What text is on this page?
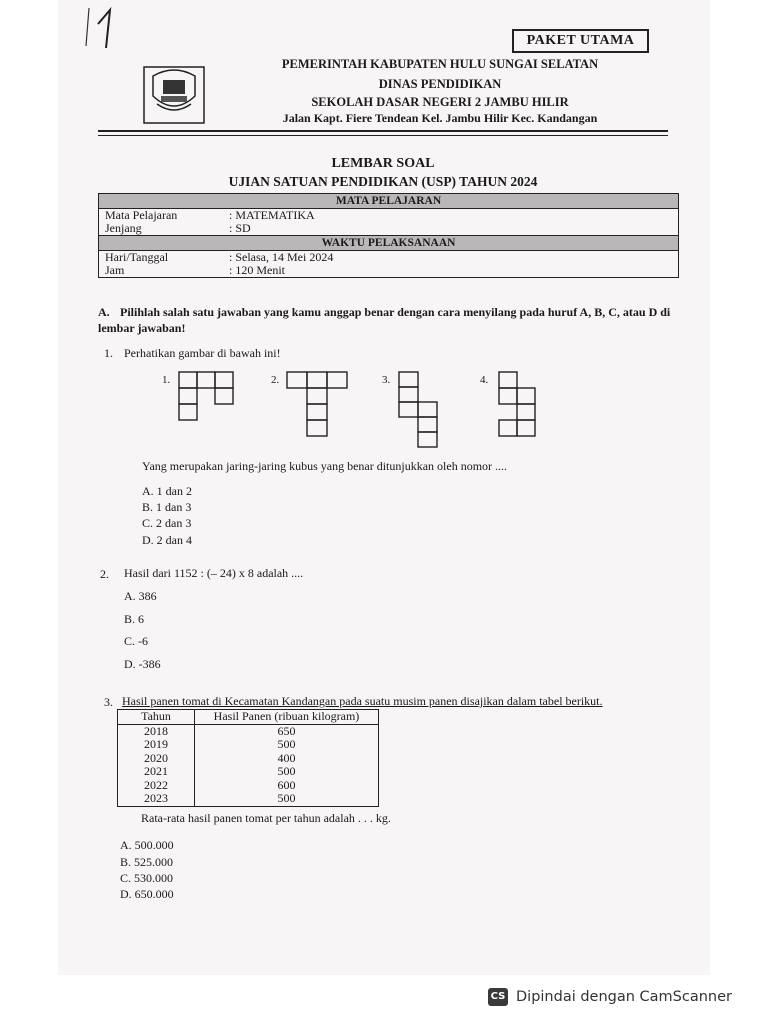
PAKET UTAMA
PEMERINTAH KABUPATEN HULU SUNGAI SELATAN
DINAS PENDIDIKAN
SEKOLAH DASAR NEGERI 2 JAMBU HILIR
Jalan Kapt. Fiere Tendean Kel. Jambu Hilir Kec. Kandangan
LEMBAR SOAL
UJIAN SATUAN PENDIDIKAN (USP) TAHUN 2024
MATA PELAJARAN	
Mata Pelajaran	: MATEMATIKA
Jenjang	: SD
WAKTU PELAKSANAAN	
Hari/Tanggal	: Selasa, 14 Mei 2024
Jam	: 120 Menit
A. Pilihlah salah satu jawaban yang kamu anggap benar dengan cara menyilang pada huruf A, B, C, atau D di lembar jawaban!
1. Perhatikan gambar di bawah ini!
1.	2.	3.	4.
Yang merupakan jaring-jaring kubus yang benar ditunjukkan oleh nomor ....
A. 1 dan 2
B. 1 dan 3
C. 2 dan 3
D. 2 dan 4
2. Hasil dari 1152 : (– 24) x 8 adalah ....
A. 386
B. 6
C. -6
D. -386
3. Hasil panen tomat di Kecamatan Kandangan pada suatu musim panen disajikan dalam tabel berikut.
Tahun	Hasil Panen (ribuan kilogram)
2018	650
2019	500
2020	400
2021	500
2022	600
2023	500
Rata-rata hasil panen tomat per tahun adalah . . . kg.
A. 500.000
B. 525.000
C. 530.000
D. 650.000
CS Dipindai dengan CamScanner
